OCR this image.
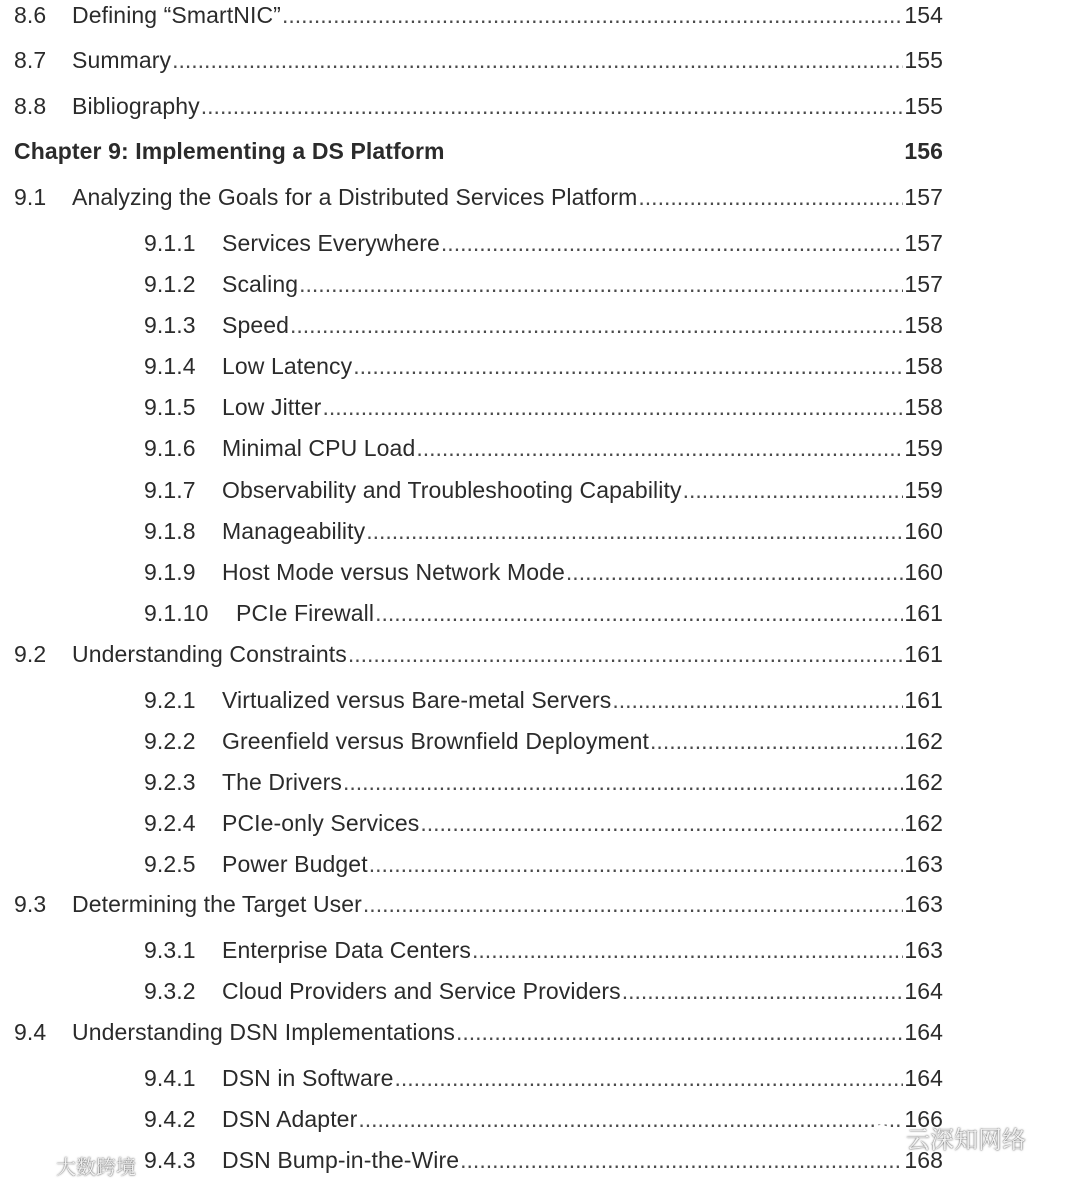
8.6	Defining “SmartNIC” .....	154
8.7	Summary .....	155
8.8	Bibliography .....	155
Chapter 9: Implementing a DS Platform	156
9.1	Analyzing the Goals for a Distributed Services Platform .....	157
9.1.1	Services Everywhere .....	157
9.1.2	Scaling .....	157
9.1.3	Speed .....	158
9.1.4	Low Latency .....	158
9.1.5	Low Jitter .....	158
9.1.6	Minimal CPU Load .....	159
9.1.7	Observability and Troubleshooting Capability .....	159
9.1.8	Manageability .....	160
9.1.9	Host Mode versus Network Mode .....	160
9.1.10	PCIe Firewall .....	161
9.2	Understanding Constraints .....	161
9.2.1	Virtualized versus Bare-metal Servers .....	161
9.2.2	Greenfield versus Brownfield Deployment .....	162
9.2.3	The Drivers .....	162
9.2.4	PCIe-only Services .....	162
9.2.5	Power Budget .....	163
9.3	Determining the Target User .....	163
9.3.1	Enterprise Data Centers .....	163
9.3.2	Cloud Providers and Service Providers .....	164
9.4	Understanding DSN Implementations .....	164
9.4.1	DSN in Software .....	164
9.4.2	DSN Adapter .....	166
9.4.3	DSN Bump-in-the-Wire .....	168
云深知网络
大数跨境
